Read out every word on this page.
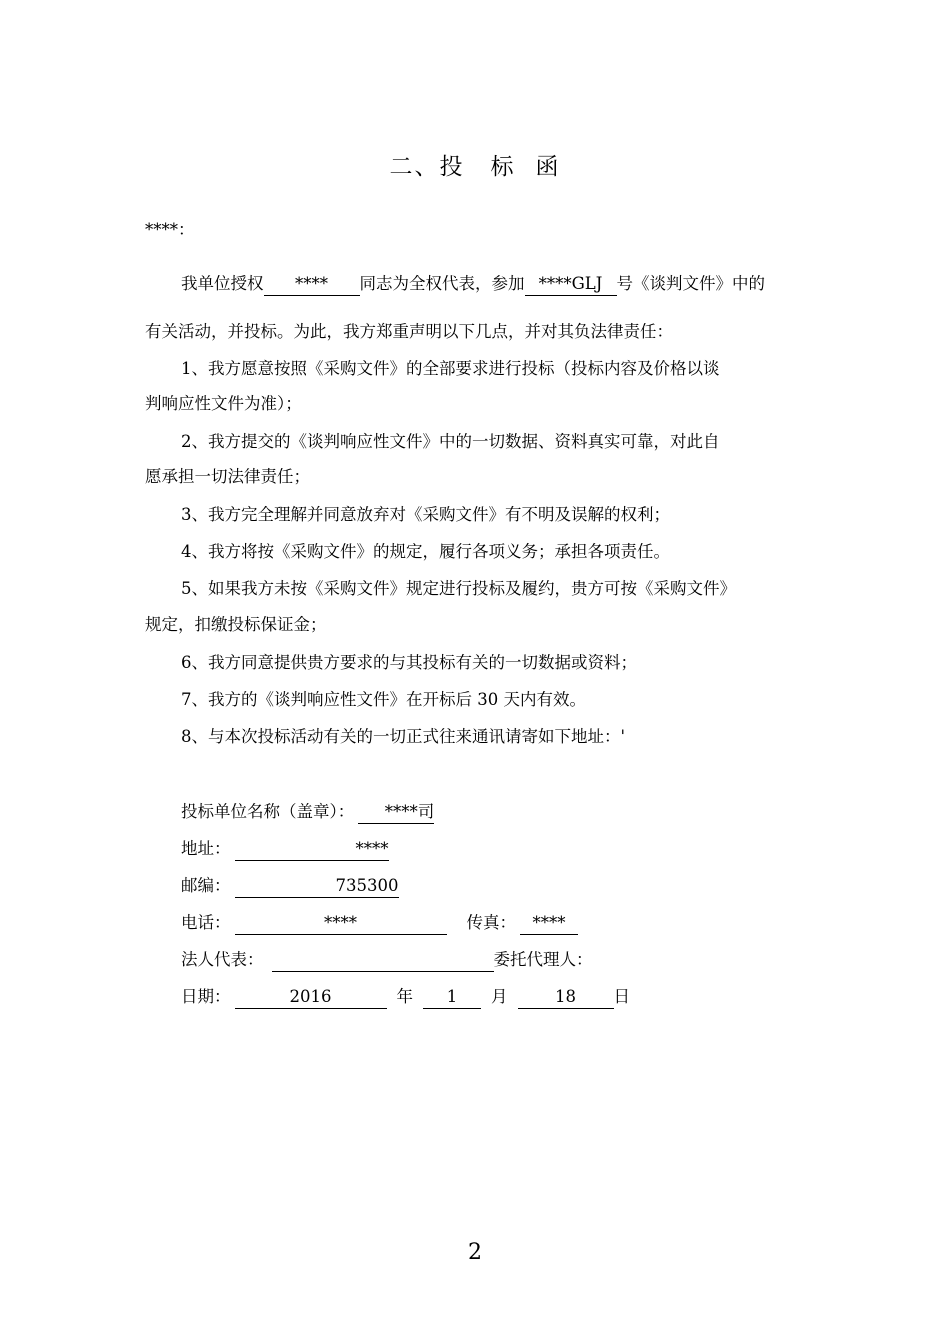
二、投 标 函
****：
我单位授权 **** 同志为全权代表，参加 ****GLJ 号《谈判文件》中的
有关活动，并投标。为此，我方郑重声明以下几点，并对其负法律责任：
1、我方愿意按照《采购文件》的全部要求进行投标（投标内容及价格以谈
判响应性文件为准）；
2、我方提交的《谈判响应性文件》中的一切数据、资料真实可靠，对此自
愿承担一切法律责任；
3、我方完全理解并同意放弃对《采购文件》有不明及误解的权利；
4、我方将按《采购文件》的规定，履行各项义务；承担各项责任。
5、如果我方未按《采购文件》规定进行投标及履约，贵方可按《采购文件》
规定，扣缴投标保证金；
6、我方同意提供贵方要求的与其投标有关的一切数据或资料；
7、我方的《谈判响应性文件》在开标后 30 天内有效。
8、与本次投标活动有关的一切正式往来通讯请寄如下地址：'
投标单位名称（盖章）： ****司
地址：	****
邮编：	735300
电话：	****	传真： ****
法人代表：	委托代理人：
日期：	2016	年 1 月	18 日
2
